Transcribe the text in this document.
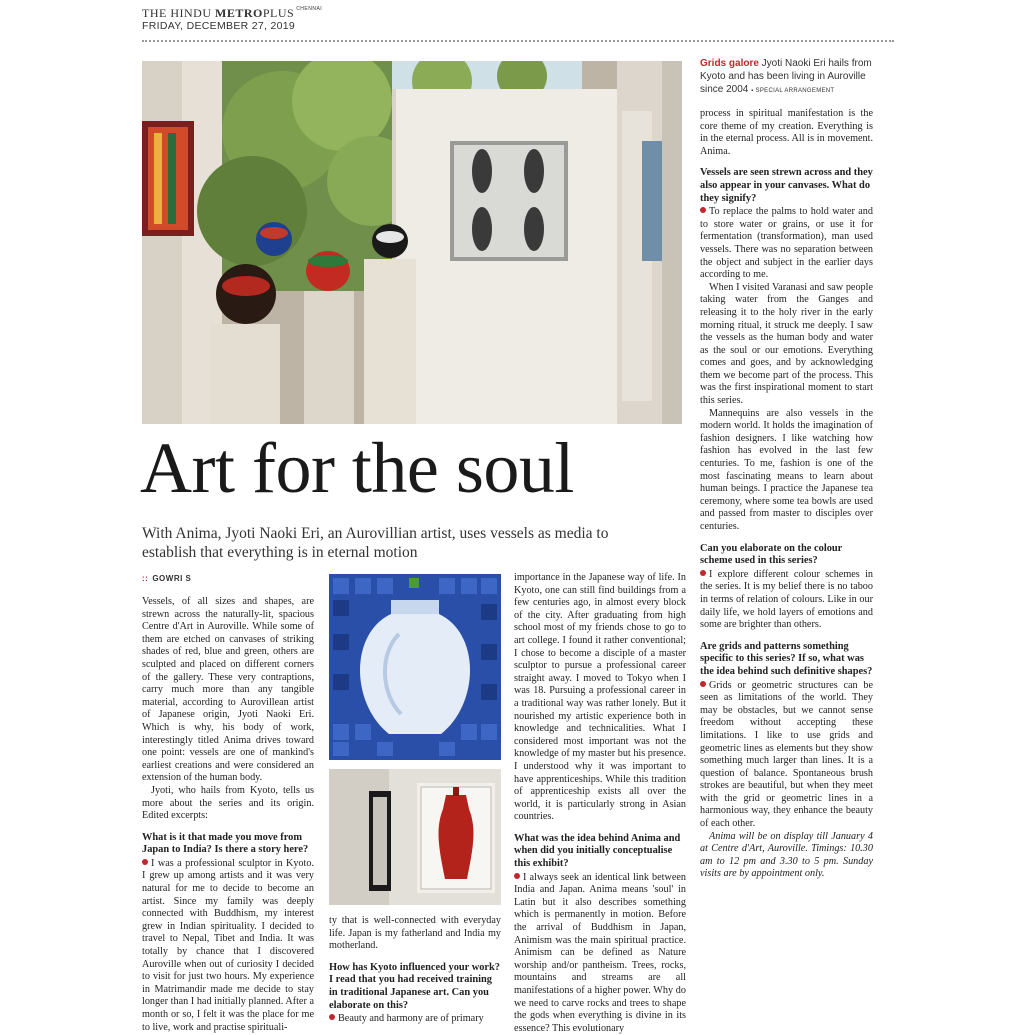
THE HINDU METROPLUS $^{CHENNAI}$
FRIDAY, DECEMBER 27, 2019
Grids galore Jyoti Naoki Eri hails from Kyoto and has been living in Auroville since 2004 ▪ SPECIAL ARRANGEMENT
Art for the soul
With Anima, Jyoti Naoki Eri, an Aurovillian artist, uses vessels as media to establish that everything is in eternal motion
:: GOWRI S

Vessels, of all sizes and shapes, are strewn across the naturally-lit, spacious Centre d'Art in Auroville. While some of them are etched on canvases of striking shades of red, blue and green, others are sculpted and placed on different corners of the gallery. These very contraptions, carry much more than any tangible material, according to Aurovillean artist of Japanese origin, Jyoti Naoki Eri. Which is why, his body of work, interestingly titled Anima drives toward one point: vessels are one of mankind's earliest creations and were considered an extension of the human body.

Jyoti, who hails from Kyoto, tells us more about the series and its origin. Edited excerpts:

What is it that made you move from Japan to India? Is there a story here?

I was a professional sculptor in Kyoto. I grew up among artists and it was very natural for me to decide to become an artist. Since my family was deeply connected with Buddhism, my interest grew in Indian spirituality. I decided to travel to Nepal, Tibet and India. It was totally by chance that I discovered Auroville when out of curiosity I decided to visit for just two hours. My experience in Matrimandir made me decide to stay longer than I had initially planned. After a month or so, I felt it was the place for me to live, work and practise spirituali-

ty that is well-connected with everyday life. Japan is my fatherland and India my motherland.

How has Kyoto influenced your work? I read that you had received training in traditional Japanese art. Can you elaborate on this?

Beauty and harmony are of primary

importance in the Japanese way of life. In Kyoto, one can still find buildings from a few centuries ago, in almost every block of the city. After graduating from high school most of my friends chose to go to art college. I found it rather conventional; I chose to become a disciple of a master sculptor to pursue a professional career straight away. I moved to Tokyo when I was 18. Pursuing a professional career in a traditional way was rather lonely. But it nourished my artistic experience both in knowledge and technicalities. What I considered most important was not the knowledge of my master but his presence. I understood why it was important to have apprenticeships. While this tradition of apprenticeship exists all over the world, it is particularly strong in Asian countries.

What was the idea behind Anima and when did you initially conceptualise this exhibit?

I always seek an identical link between India and Japan. Anima means 'soul' in Latin but it also describes something which is permanently in motion. Before the arrival of Buddhism in Japan, Animism was the main spiritual practice. Animism can be defined as Nature worship and/or pantheism. Trees, rocks, mountains and streams are all manifestations of a higher power. Why do we need to carve rocks and trees to shape the gods when everything is divine in its essence? This evolutionary

process in spiritual manifestation is the core theme of my creation. Everything is in the eternal process. All is in movement. Anima.

Vessels are seen strewn across and they also appear in your canvases. What do they signify?

To replace the palms to hold water and to store water or grains, or use it for fermentation (transformation), man used vessels. There was no separation between the object and subject in the earlier days according to me.

When I visited Varanasi and saw people taking water from the Ganges and releasing it to the holy river in the early morning ritual, it struck me deeply. I saw the vessels as the human body and water as the soul or our emotions. Everything comes and goes, and by acknowledging them we become part of the process. This was the first inspirational moment to start this series.

Mannequins are also vessels in the modern world. It holds the imagination of fashion designers. I like watching how fashion has evolved in the last few centuries. To me, fashion is one of the most fascinating means to learn about human beings. I practice the Japanese tea ceremony, where some tea bowls are used and passed from master to disciples over centuries.

Can you elaborate on the colour scheme used in this series?

I explore different colour schemes in the series. It is my belief there is no taboo in terms of relation of colours. Like in our daily life, we hold layers of emotions and some are brighter than others.

Are grids and patterns something specific to this series? If so, what was the idea behind such definitive shapes?

Grids or geometric structures can be seen as limitations of the world. They may be obstacles, but we cannot sense freedom without accepting these limitations. I like to use grids and geometric lines as elements but they show something much larger than lines. It is a question of balance. Spontaneous brush strokes are beautiful, but when they meet with the grid or geometric lines in a harmonious way, they enhance the beauty of each other.

Anima will be on display till January 4 at Centre d'Art, Auroville. Timings: 10.30 am to 12 pm and 3.30 to 5 pm. Sunday visits are by appointment only.
